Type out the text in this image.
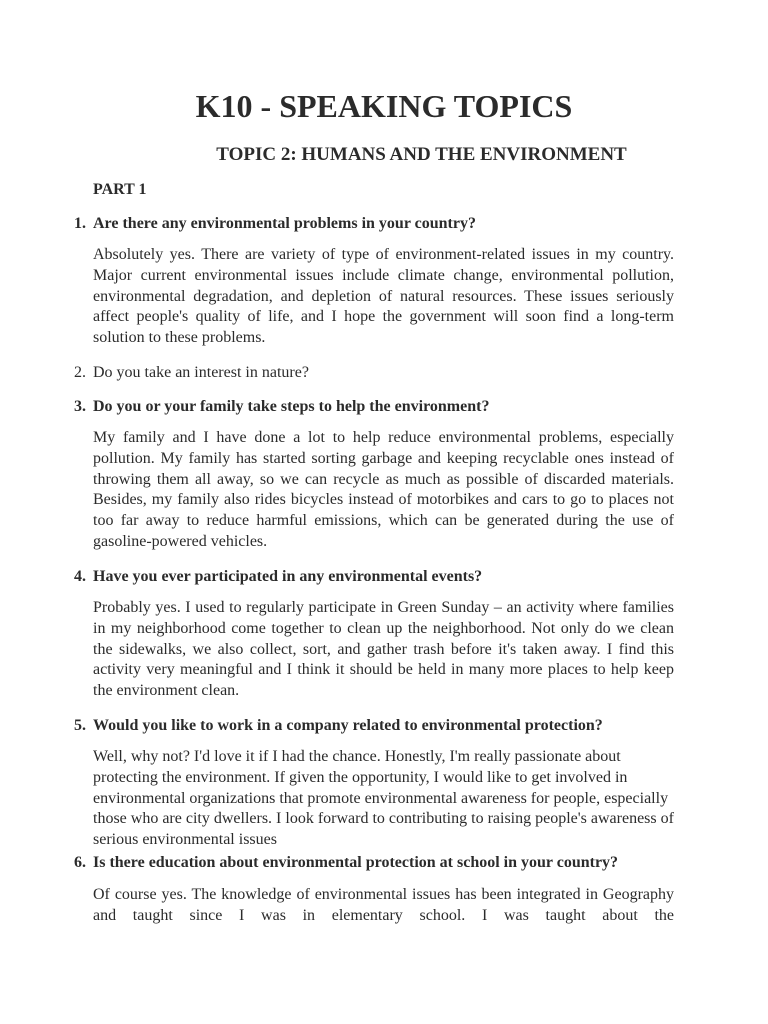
K10 - SPEAKING TOPICS
TOPIC 2: HUMANS AND THE ENVIRONMENT
PART 1
1. Are there any environmental problems in your country?

Absolutely yes. There are variety of type of environment-related issues in my country. Major current environmental issues include climate change, environmental pollution, environmental degradation, and depletion of natural resources. These issues seriously affect people's quality of life, and I hope the government will soon find a long-term solution to these problems.

2. Do you take an interest in nature?
3. Do you or your family take steps to help the environment?

My family and I have done a lot to help reduce environmental problems, especially pollution. My family has started sorting garbage and keeping recyclable ones instead of throwing them all away, so we can recycle as much as possible of discarded materials. Besides, my family also rides bicycles instead of motorbikes and cars to go to places not too far away to reduce harmful emissions, which can be generated during the use of gasoline-powered vehicles.

4. Have you ever participated in any environmental events?

Probably yes. I used to regularly participate in Green Sunday – an activity where families in my neighborhood come together to clean up the neighborhood. Not only do we clean the sidewalks, we also collect, sort, and gather trash before it's taken away. I find this activity very meaningful and I think it should be held in many more places to help keep the environment clean.

5. Would you like to work in a company related to environmental protection?

Well, why not? I'd love it if I had the chance. Honestly, I'm really passionate about protecting the environment. If given the opportunity, I would like to get involved in environmental organizations that promote environmental awareness for people, especially those who are city dwellers. I look forward to contributing to raising people's awareness of serious environmental issues

6. Is there education about environmental protection at school in your country?

Of course yes. The knowledge of environmental issues has been integrated in Geography and taught since I was in elementary school. I was taught about the
